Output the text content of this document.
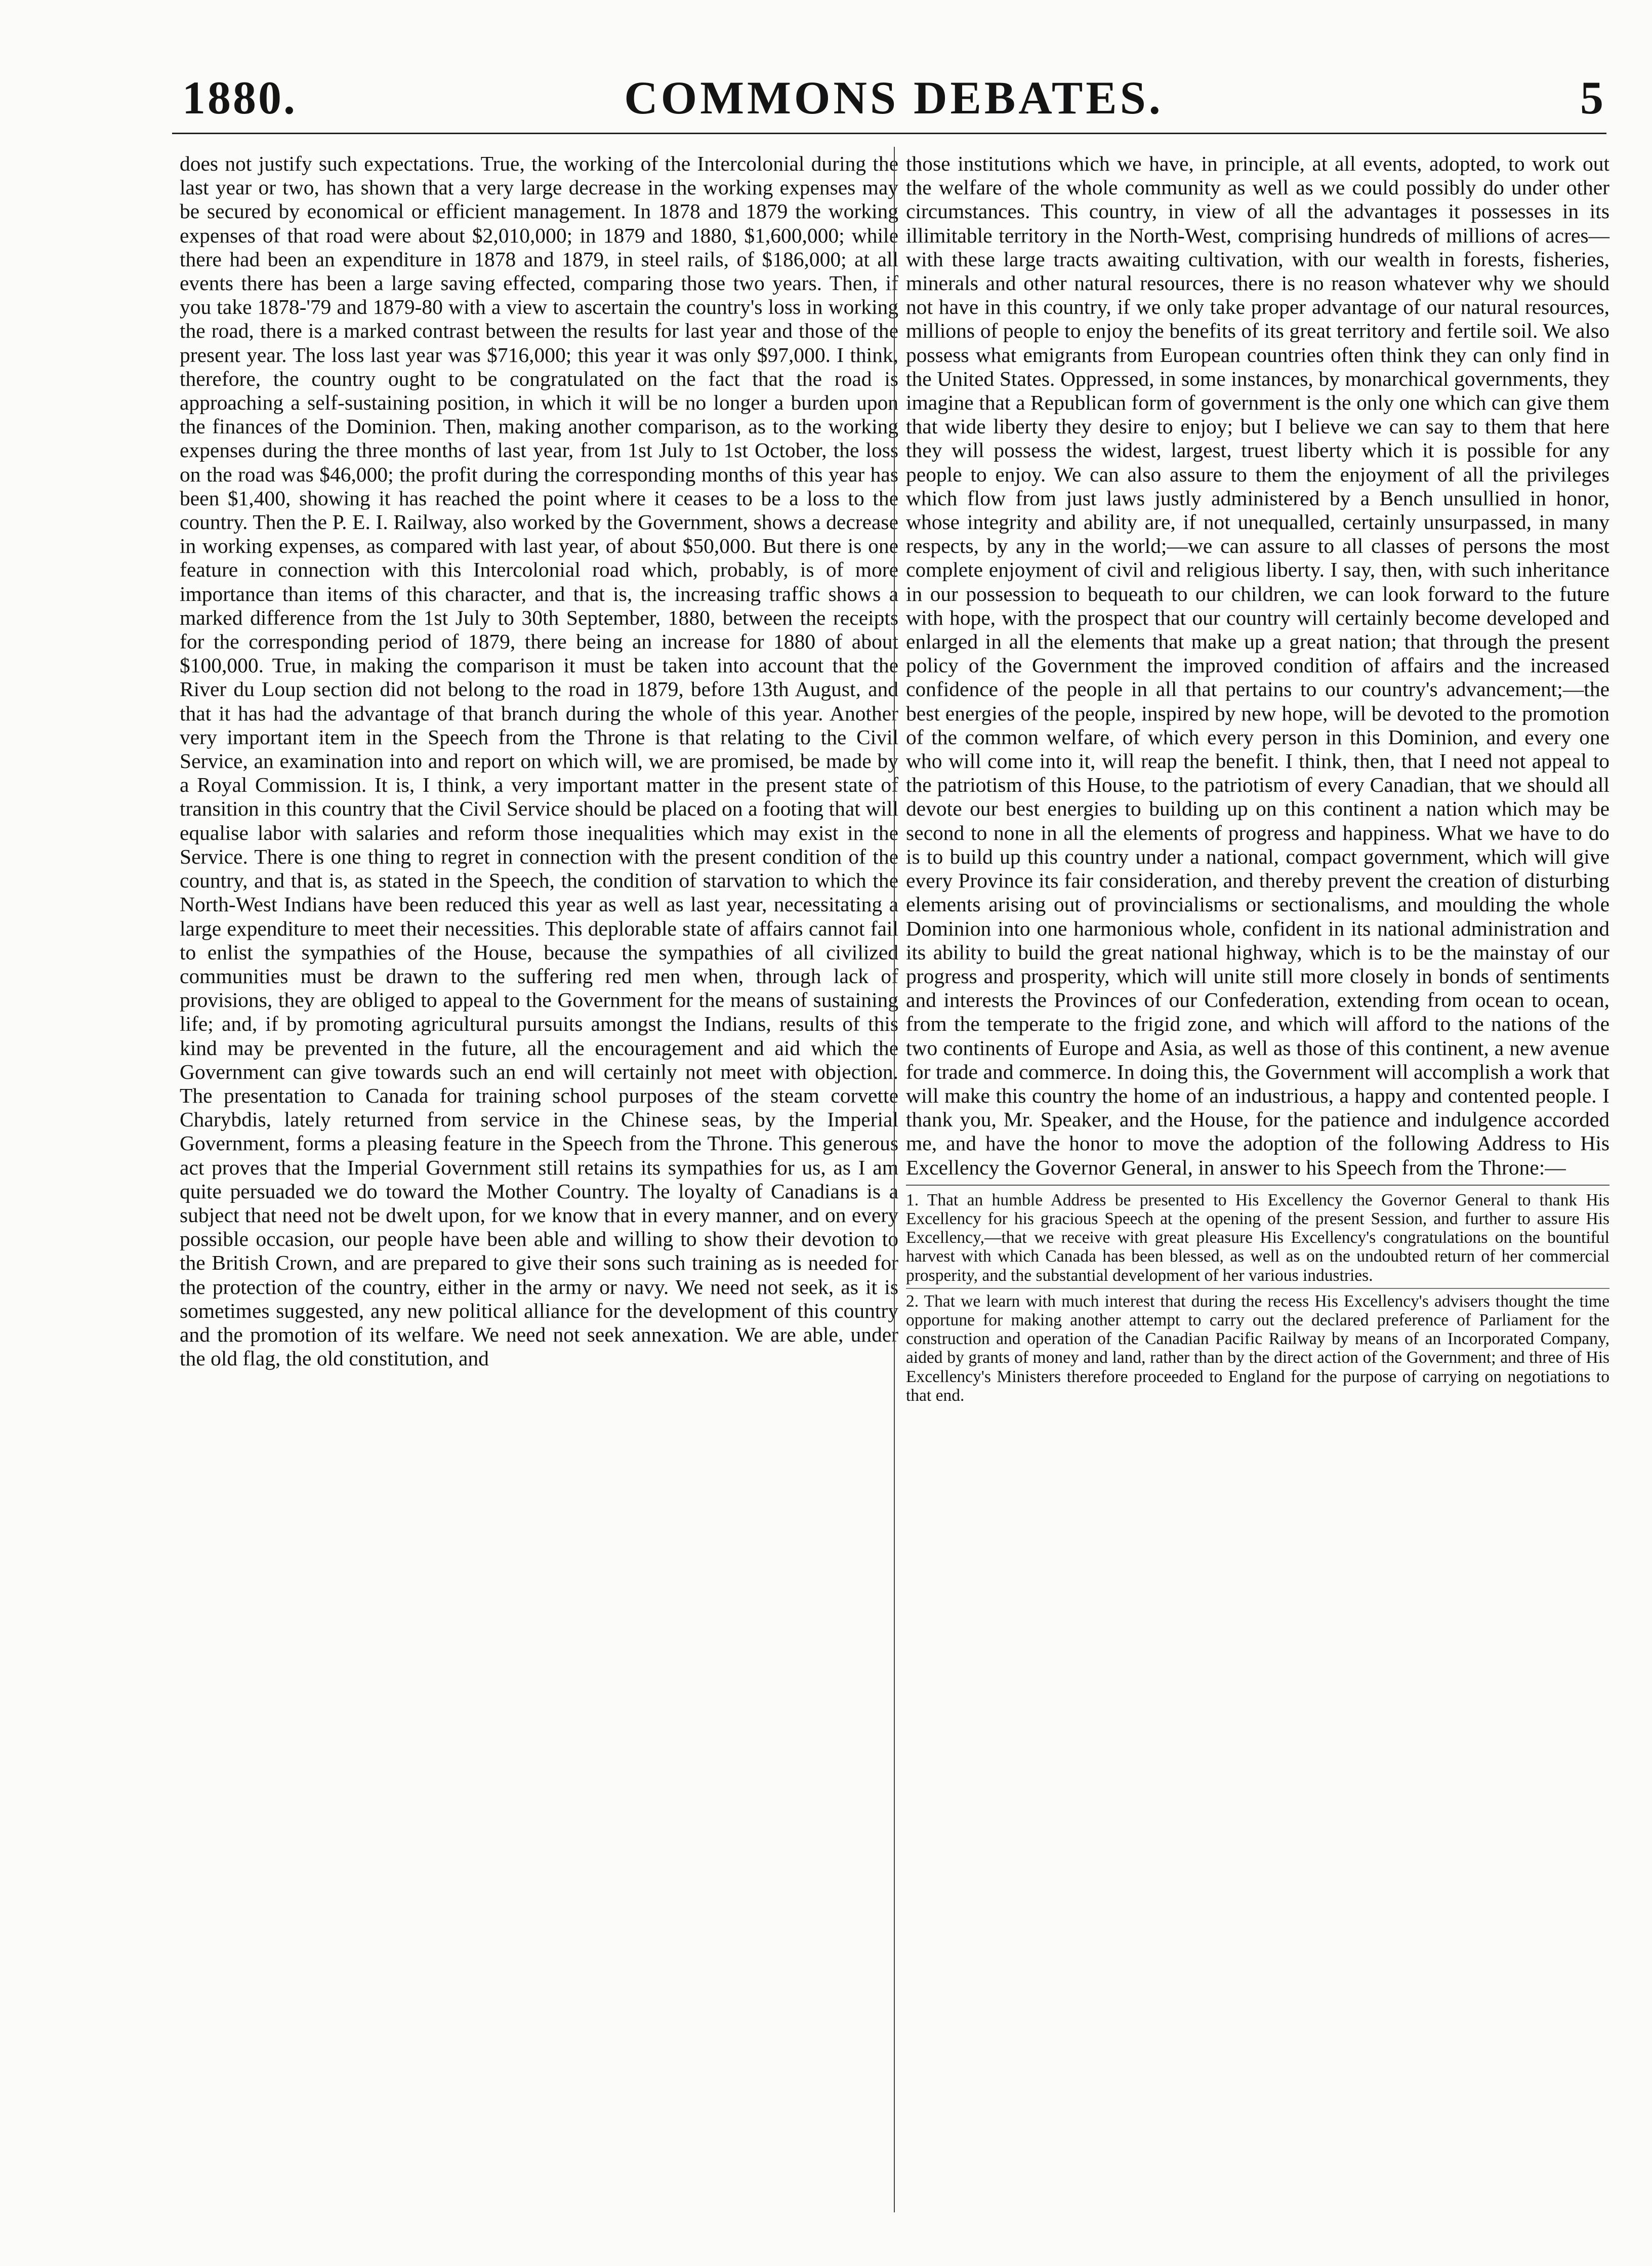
1880.	COMMONS DEBATES.	5

does not justify such expectations. True, the working of the Intercolonial during the last year or two, has shown that a very large decrease in the working expenses may be secured by economical or efficient management. In 1878 and 1879 the working expenses of that road were about $2,010,000; in 1879 and 1880, $1,600,000; while there had been an expenditure in 1878 and 1879, in steel rails, of $186,000; at all events there has been a large saving effected, comparing those two years. Then, if you take 1878-'79 and 1879-80 with a view to ascertain the country's loss in working the road, there is a marked contrast between the results for last year and those of the present year. The loss last year was $716,000; this year it was only $97,000. I think, therefore, the country ought to be congratulated on the fact that the road is approaching a self-sustaining position, in which it will be no longer a burden upon the finances of the Dominion. Then, making another comparison, as to the working expenses during the three months of last year, from 1st July to 1st October, the loss on the road was $46,000; the profit during the corresponding months of this year has been $1,400, showing it has reached the point where it ceases to be a loss to the country. Then the P. E. I. Railway, also worked by the Government, shows a decrease in working expenses, as compared with last year, of about $50,000. But there is one feature in connection with this Intercolonial road which, probably, is of more importance than items of this character, and that is, the increasing traffic shows a marked difference from the 1st July to 30th September, 1880, between the receipts for the corresponding period of 1879, there being an increase for 1880 of about $100,000. True, in making the comparison it must be taken into account that the River du Loup section did not belong to the road in 1879, before 13th August, and that it has had the advantage of that branch during the whole of this year. Another very important item in the Speech from the Throne is that relating to the Civil Service, an examination into and report on which will, we are promised, be made by a Royal Commission. It is, I think, a very important matter in the present state of transition in this country that the Civil Service should be placed on a footing that will equalise labor with salaries and reform those inequalities which may exist in the Service. There is one thing to regret in connection with the present condition of the country, and that is, as stated in the Speech, the condition of starvation to which the North-West Indians have been reduced this year as well as last year, necessitating a large expenditure to meet their necessities. This deplorable state of affairs cannot fail to enlist the sympathies of the House, because the sympathies of all civilized communities must be drawn to the suffering red men when, through lack of provisions, they are obliged to appeal to the Government for the means of sustaining life; and, if by promoting agricultural pursuits amongst the Indians, results of this kind may be prevented in the future, all the encouragement and aid which the Government can give towards such an end will certainly not meet with objection. The presentation to Canada for training school purposes of the steam corvette Charybdis, lately returned from service in the Chinese seas, by the Imperial Government, forms a pleasing feature in the Speech from the Throne. This generous act proves that the Imperial Government still retains its sympathies for us, as I am quite persuaded we do toward the Mother Country. The loyalty of Canadians is a subject that need not be dwelt upon, for we know that in every manner, and on every possible occasion, our people have been able and willing to show their devotion to the British Crown, and are prepared to give their sons such training as is needed for the protection of the country, either in the army or navy. We need not seek, as it is sometimes suggested, any new political alliance for the development of this country and the promotion of its welfare. We need not seek annexation. We are able, under the old flag, the old constitution, and

those institutions which we have, in principle, at all events, adopted, to work out the welfare of the whole community as well as we could possibly do under other circumstances. This country, in view of all the advantages it possesses in its illimitable territory in the North-West, comprising hundreds of millions of acres—with these large tracts awaiting cultivation, with our wealth in forests, fisheries, minerals and other natural resources, there is no reason whatever why we should not have in this country, if we only take proper advantage of our natural resources, millions of people to enjoy the benefits of its great territory and fertile soil. We also possess what emigrants from European countries often think they can only find in the United States. Oppressed, in some instances, by monarchical governments, they imagine that a Republican form of government is the only one which can give them that wide liberty they desire to enjoy; but I believe we can say to them that here they will possess the widest, largest, truest liberty which it is possible for any people to enjoy. We can also assure to them the enjoyment of all the privileges which flow from just laws justly administered by a Bench unsullied in honor, whose integrity and ability are, if not unequalled, certainly unsurpassed, in many respects, by any in the world;—we can assure to all classes of persons the most complete enjoyment of civil and religious liberty. I say, then, with such inheritance in our possession to bequeath to our children, we can look forward to the future with hope, with the prospect that our country will certainly become developed and enlarged in all the elements that make up a great nation; that through the present policy of the Government the improved condition of affairs and the increased confidence of the people in all that pertains to our country's advancement;—the best energies of the people, inspired by new hope, will be devoted to the promotion of the common welfare, of which every person in this Dominion, and every one who will come into it, will reap the benefit. I think, then, that I need not appeal to the patriotism of this House, to the patriotism of every Canadian, that we should all devote our best energies to building up on this continent a nation which may be second to none in all the elements of progress and happiness. What we have to do is to build up this country under a national, compact government, which will give every Province its fair consideration, and thereby prevent the creation of disturbing elements arising out of provincialisms or sectionalisms, and moulding the whole Dominion into one harmonious whole, confident in its national administration and its ability to build the great national highway, which is to be the mainstay of our progress and prosperity, which will unite still more closely in bonds of sentiments and interests the Provinces of our Confederation, extending from ocean to ocean, from the temperate to the frigid zone, and which will afford to the nations of the two continents of Europe and Asia, as well as those of this continent, a new avenue for trade and commerce. In doing this, the Government will accomplish a work that will make this country the home of an industrious, a happy and contented people. I thank you, Mr. Speaker, and the House, for the patience and indulgence accorded me, and have the honor to move the adoption of the following Address to His Excellency the Governor General, in answer to his Speech from the Throne:—

1. That an humble Address be presented to His Excellency the Governor General to thank His Excellency for his gracious Speech at the opening of the present Session, and further to assure His Excellency,—that we receive with great pleasure His Excellency's congratulations on the bountiful harvest with which Canada has been blessed, as well as on the undoubted return of her commercial prosperity, and the substantial development of her various industries.

2. That we learn with much interest that during the recess His Excellency's advisers thought the time opportune for making another attempt to carry out the declared preference of Parliament for the construction and operation of the Canadian Pacific Railway by means of an Incorporated Company, aided by grants of money and land, rather than by the direct action of the Government; and three of His Excellency's Ministers therefore proceeded to England for the purpose of carrying on negotiations to that end.
